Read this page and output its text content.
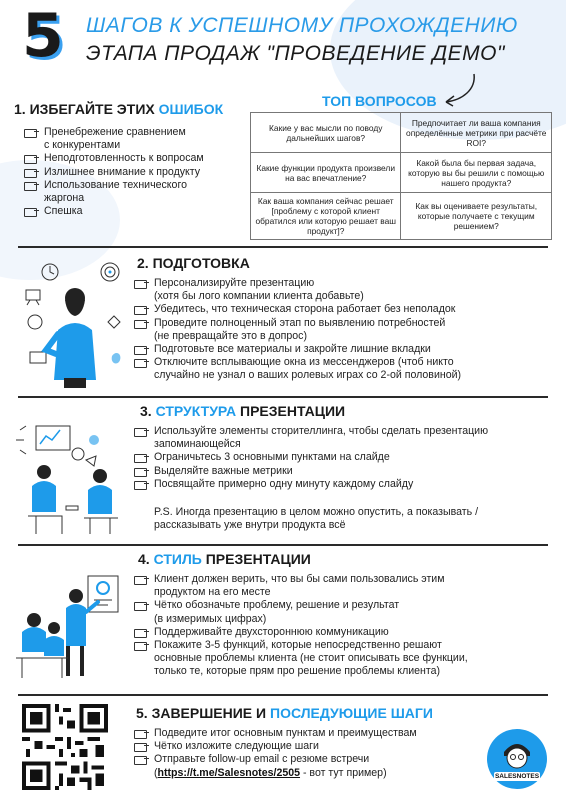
5 ШАГОВ К УСПЕШНОМУ ПРОХОЖДЕНИЮ
ЭТАПА ПРОДАЖ "ПРОВЕДЕНИЕ ДЕМО"
1. ИЗБЕГАЙТЕ ЭТИХ ОШИБОК
Пренебрежение сравнением
с конкурентами
Неподготовленность к вопросам
Излишнее внимание к продукту
Использование технического
жаргона
Спешка
ТОП ВОПРОСОВ
Какие у вас мысли по поводу дальнейших шагов?	Предпочитает ли ваша компания определённые метрики при расчёте ROI?
Какие функции продукта произвели на вас впечатление?	Какой была бы первая задача, которую вы бы решили с помощью нашего продукта?
Как ваша компания сейчас решает [проблему с которой клиент обратился или которую решает ваш продукт]?	Как вы оцениваете результаты, которые получаете с текущим решением?
2. ПОДГОТОВКА
Персонализируйте презентацию
(хотя бы лого компании клиента добавьте)
Убедитесь, что техническая сторона работает без неполадок
Проведите полноценный этап по выявлению потребностей
(не превращайте это в допрос)
Подготовьте все материалы и закройте лишние вкладки
Отключите всплывающие окна из мессенджеров (чтоб никто
случайно не узнал о ваших ролевых играх со 2-ой половиной)
3. СТРУКТУРА ПРЕЗЕНТАЦИИ
Используйте элементы сторителлинга, чтобы сделать презентацию
запоминающейся
Ограничьтесь 3 основными пунктами на слайде
Выделяйте важные метрики
Посвящайте примерно одну минуту каждому слайду
P.S. Иногда презентацию в целом можно опустить, а показывать /
рассказывать уже внутри продукта всё
4. СТИЛЬ ПРЕЗЕНТАЦИИ
Клиент должен верить, что вы бы сами пользовались этим
продуктом на его месте
Чётко обозначьте проблему, решение и результат
(в измеримых цифрах)
Поддерживайте двухстороннюю коммуникацию
Покажите 3-5 функций, которые непосредственно решают
основные проблемы клиента (не стоит описывать все функции,
только те, которые прям про решение проблемы клиента)
5. ЗАВЕРШЕНИЕ И ПОСЛЕДУЮЩИЕ ШАГИ
Подведите итог основным пунктам и преимуществам
Чётко изложите следующие шаги
Отправьте follow-up email с резюме встречи
(https://t.me/Salesnotes/2505 - вот тут пример)	SALESNOTES
